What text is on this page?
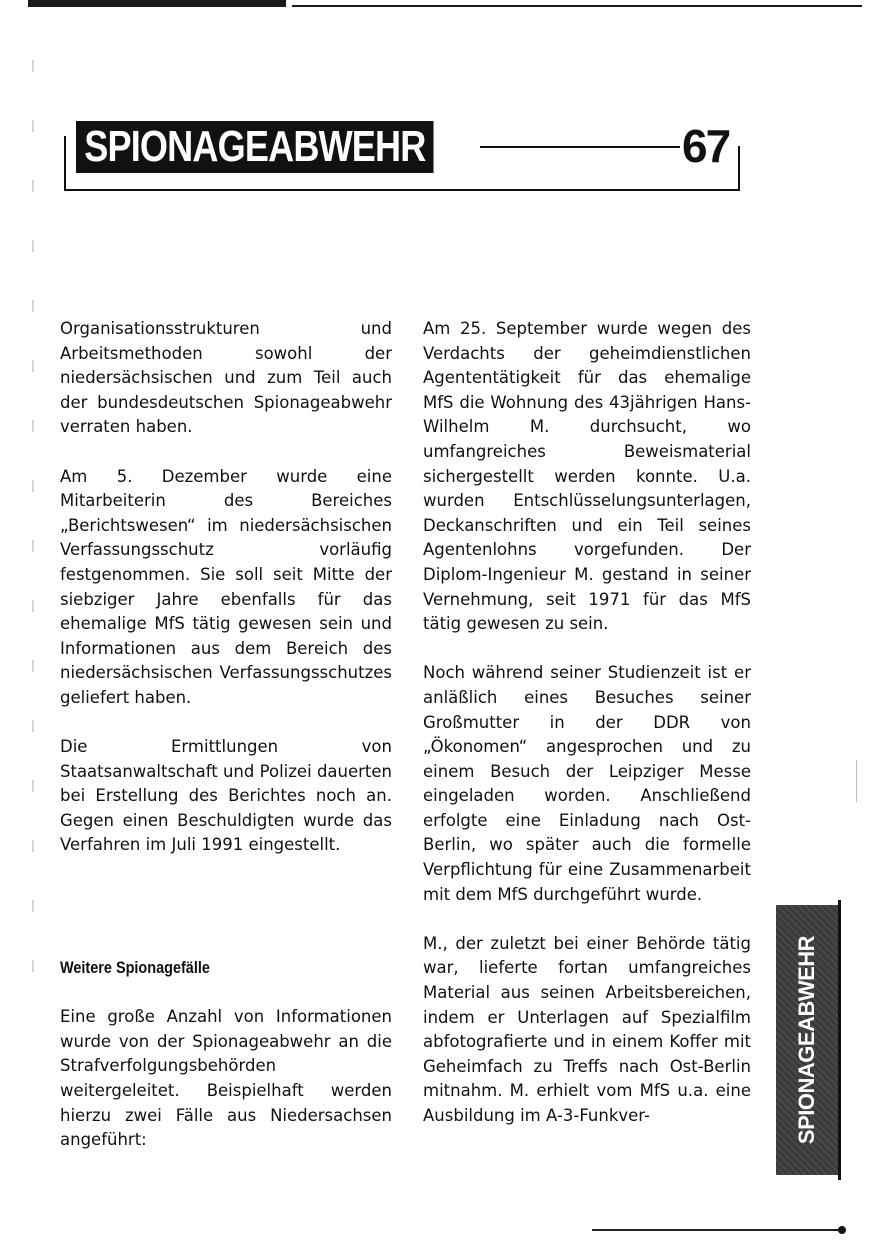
SPIONAGEABWEHR	67

Organisationsstrukturen und Arbeitsmethoden sowohl der niedersächsischen und zum Teil auch der bundesdeutschen Spionageabwehr verraten haben.

Am 5. Dezember wurde eine Mitarbeiterin des Bereiches „Berichtswesen“ im niedersächsischen Verfassungsschutz vorläufig festgenommen. Sie soll seit Mitte der siebziger Jahre ebenfalls für das ehemalige MfS tätig gewesen sein und Informationen aus dem Bereich des niedersächsischen Verfassungsschutzes geliefert haben.

Die Ermittlungen von Staatsanwaltschaft und Polizei dauerten bei Erstellung des Berichtes noch an. Gegen einen Beschuldigten wurde das Verfahren im Juli 1991 eingestellt.

Weitere Spionagefälle

Eine große Anzahl von Informationen wurde von der Spionageabwehr an die Strafverfolgungsbehörden weitergeleitet. Beispielhaft werden hierzu zwei Fälle aus Niedersachsen angeführt:

Am 25. September wurde wegen des Verdachts der geheimdienstlichen Agententätigkeit für das ehemalige MfS die Wohnung des 43jährigen Hans-Wilhelm M. durchsucht, wo umfangreiches Beweismaterial sichergestellt werden konnte. U.a. wurden Entschlüsselungsunterlagen, Deckanschriften und ein Teil seines Agentenlohns vorgefunden. Der Diplom-Ingenieur M. gestand in seiner Vernehmung, seit 1971 für das MfS tätig gewesen zu sein.

Noch während seiner Studienzeit ist er anläßlich eines Besuches seiner Großmutter in der DDR von „Ökonomen“ angesprochen und zu einem Besuch der Leipziger Messe eingeladen worden. Anschließend erfolgte eine Einladung nach Ost-Berlin, wo später auch die formelle Verpflichtung für eine Zusammenarbeit mit dem MfS durchgeführt wurde.

M., der zuletzt bei einer Behörde tätig war, lieferte fortan umfangreiches Material aus seinen Arbeitsbereichen, indem er Unterlagen auf Spezialfilm abfotografierte und in einem Koffer mit Geheimfach zu Treffs nach Ost-Berlin mitnahm. M. erhielt vom MfS u.a. eine Ausbildung im A-3-Funkver-	SPIONAGEABWEHR
